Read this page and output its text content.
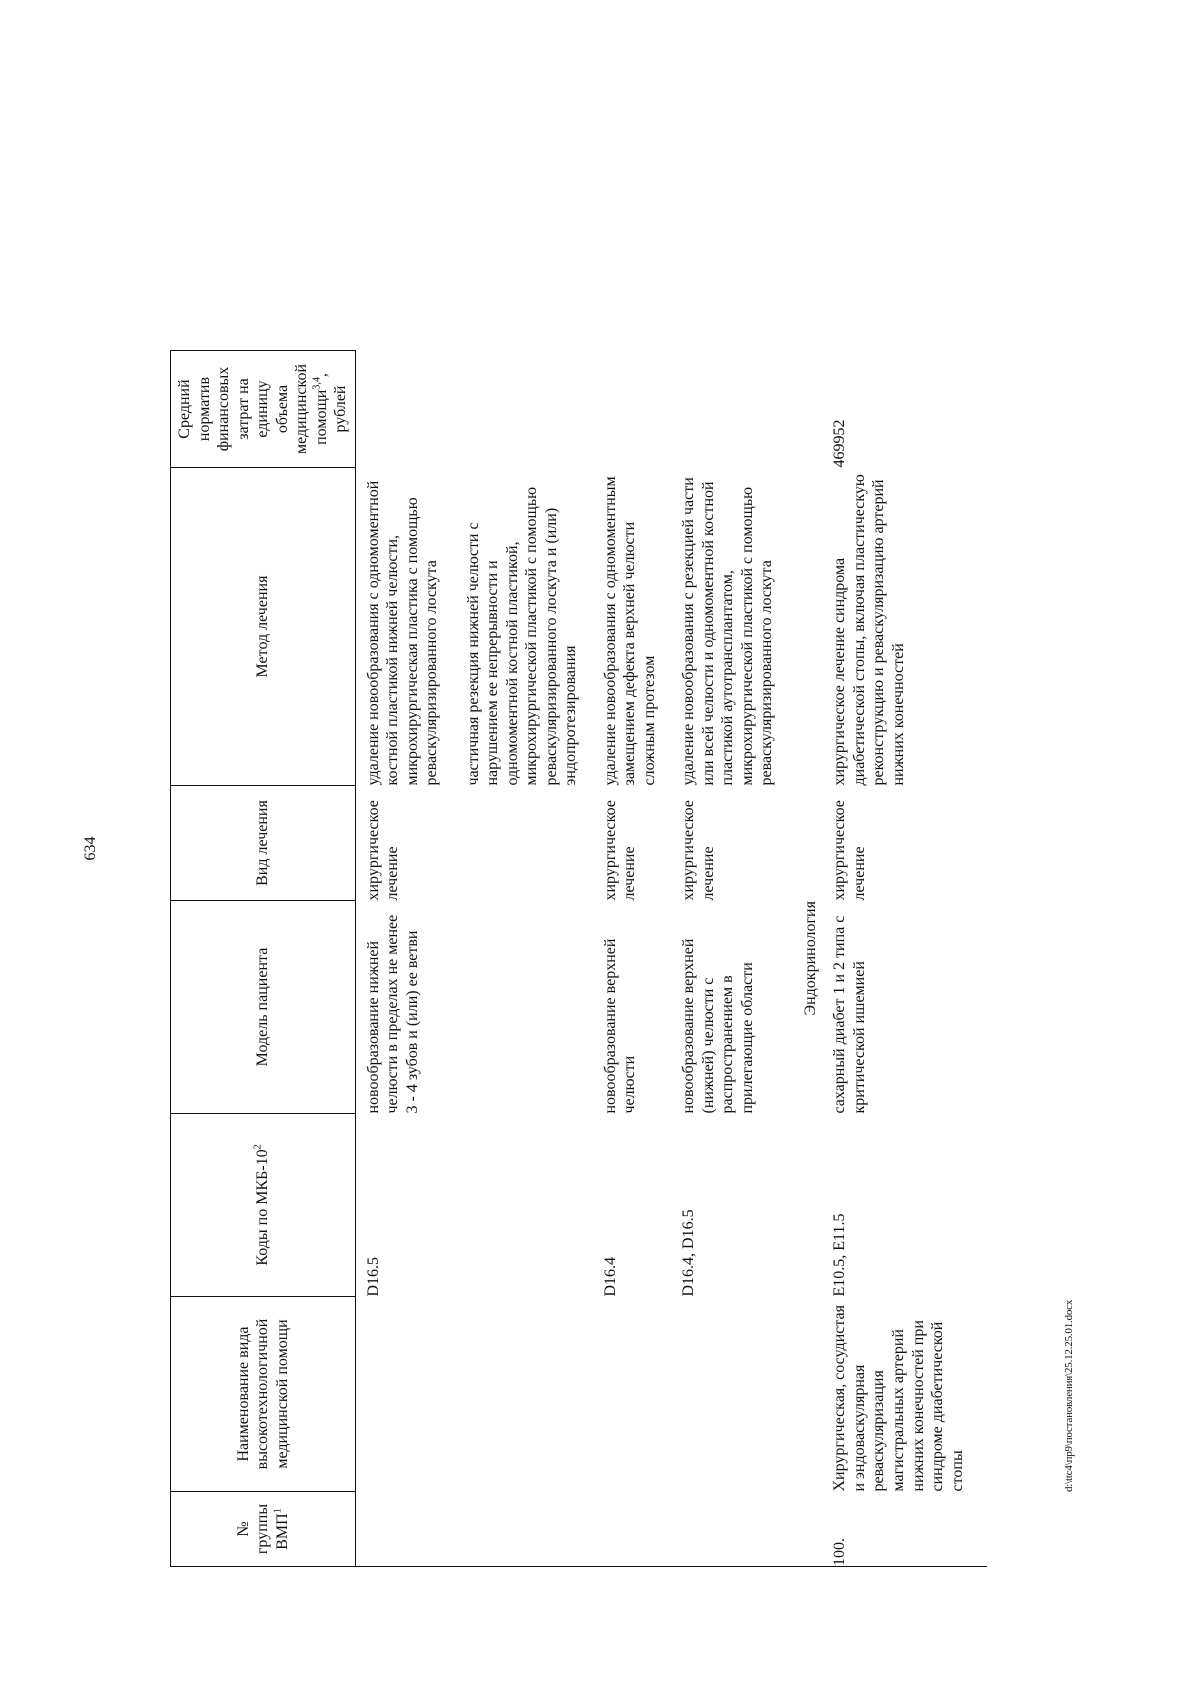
634
№ группы ВМП$^1$	Наименование вида высокотехнологичной медицинской помощи	Коды по МКБ-$10^2$	Модель пациента	Вид лечения	Метод лечения	Средний норматив финансовых затрат на единицу объема медицинской помощи$^{3,4}$, рублей
		D16.5	новообразование нижней челюсти в пределах не менее 3 - 4 зубов и (или) ее ветви	хирургическое лечение	удаление новообразования с одномоментной костной пластикой нижней челюсти, микрохирургическая пластика с помощью реваскуляризированного лоскута частичная резекция нижней челюсти с нарушением ее непрерывности и одномоментной костной пластикой, микрохирургической пластикой с помощью реваскуляризированного лоскута и (или) эндопротезирования	

		D16.4	новообразование верхней челюсти	хирургическое лечение	удаление новообразования с одномоментным замещением дефекта верхней челюсти сложным протезом	
		D16.4, D16.5	новообразование верхней (нижней) челюсти с распространением в прилегающие области	хирургическое лечение	удаление новообразования с резекцией части или всей челюсти и одномоментной костной пластикой аутотрансплантатом, микрохирургической пластикой с помощью реваскуляризированного лоскута	
Эндокринология						
100.	Хирургическая, сосудистая и эндоваскулярная реваскуляризация магистральных артерий нижних конечностей при синдроме диабетической стопы	E10.5, E11.5	сахарный диабет 1 и 2 типа с критической ишемией	хирургическое лечение	хирургическое лечение синдрома диабетической стопы, включая пластическую реконструкцию и реваскуляризацию артерий нижних конечностей	469952
d:\ttc4\пр9\постановления\25.12.25.01.docx
